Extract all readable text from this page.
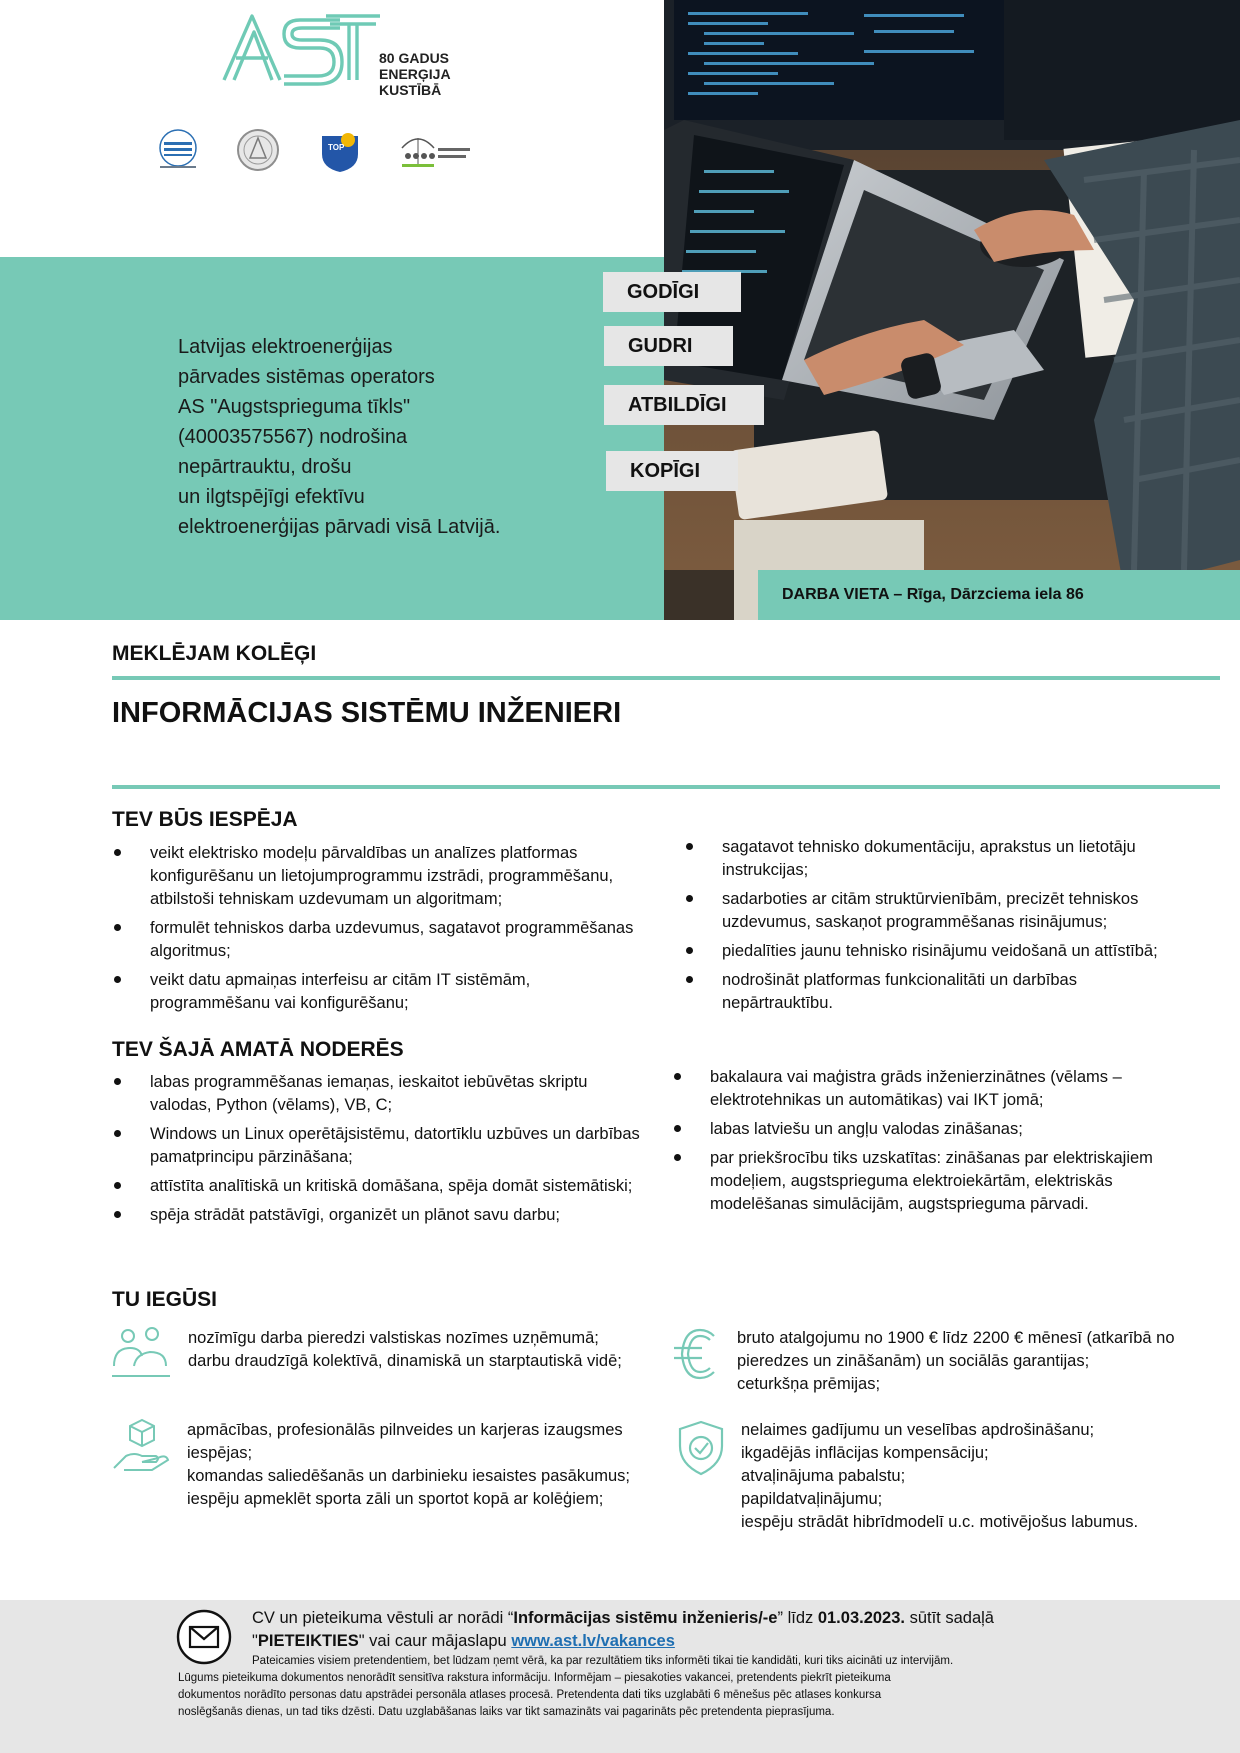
80 GADUS
ENERĢIJA
KUSTĪBĀ
TOP
Latvijas elektroenerģijas
pārvades sistēmas operators
AS "Augstsprieguma tīkls"
(40003575567) nodrošina
nepārtrauktu, drošu
un ilgtspējīgi efektīvu
elektroenerģijas pārvadi visā Latvijā.
GODĪGI
GUDRI
ATBILDĪGI
KOPĪGI
DARBA VIETA – Rīga, Dārzciema iela 86
MEKLĒJAM KOLĒĢI
INFORMĀCIJAS SISTĒMU INŽENIERI
TEV BŪS IESPĒJA
veikt elektrisko modeļu pārvaldības un analīzes platformas
konfigurēšanu un lietojumprogrammu izstrādi, programmēšanu,
atbilstoši tehniskam uzdevumam un algoritmam;
formulēt tehniskos darba uzdevumus, sagatavot programmēšanas
algoritmus;
veikt datu apmaiņas interfeisu ar citām IT sistēmām,
programmēšanu vai konfigurēšanu;
sagatavot tehnisko dokumentāciju, aprakstus un lietotāju
instrukcijas;
sadarboties ar citām struktūrvienībām, precizēt tehniskos
uzdevumus, saskaņot programmēšanas risinājumus;
piedalīties jaunu tehnisko risinājumu veidošanā un attīstībā;
nodrošināt platformas funkcionalitāti un darbības
nepārtrauktību.
TEV ŠAJĀ AMATĀ NODERĒS
labas programmēšanas iemaņas, ieskaitot iebūvētas skriptu
valodas, Python (vēlams), VB, C;
Windows un Linux operētājsistēmu, datortīklu uzbūves un darbības
pamatprincipu pārzināšana;
attīstīta analītiskā un kritiskā domāšana, spēja domāt sistemātiski;
spēja strādāt patstāvīgi, organizēt un plānot savu darbu;
bakalaura vai maģistra grāds inženierzinātnes (vēlams –
elektrotehnikas un automātikas) vai IKT jomā;
labas latviešu un angļu valodas zināšanas;
par priekšrocību tiks uzskatītas: zināšanas par elektriskajiem
modeļiem, augstsprieguma elektroiekārtām, elektriskās
modelēšanas simulācijām, augstsprieguma pārvadi.
TU IEGŪSI
nozīmīgu darba pieredzi valstiskas nozīmes uzņēmumā;
darbu draudzīgā kolektīvā, dinamiskā un starptautiskā vidē;
bruto atalgojumu no 1900 € līdz 2200 € mēnesī (atkarībā no
pieredzes un zināšanām) un sociālās garantijas;
ceturkšņa prēmijas;
apmācības, profesionālās pilnveides un karjeras izaugsmes
iespējas;
komandas saliedēšanās un darbinieku iesaistes pasākumus;
iespēju apmeklēt sporta zāli un sportot kopā ar kolēģiem;
nelaimes gadījumu un veselības apdrošināšanu;
ikgadējās inflācijas kompensāciju;
atvaļinājuma pabalstu;
papildatvaļinājumu;
iespēju strādāt hibrīdmodelī u.c. motivējošus labumus.
CV un pieteikuma vēstuli ar norādi “Informācijas sistēmu inženieris/-e” līdz 01.03.2023. sūtīt sadaļā
"PIETEIKTIES" vai caur mājaslapu www.ast.lv/vakances
Pateicamies visiem pretendentiem, bet lūdzam ņemt vērā, ka par rezultātiem tiks informēti tikai tie kandidāti, kuri tiks aicināti uz intervijām.
Lūgums pieteikuma dokumentos nenorādīt sensitīva rakstura informāciju. Informējam – piesakoties vakancei, pretendents piekrīt pieteikuma
dokumentos norādīto personas datu apstrādei personāla atlases procesā. Pretendenta dati tiks uzglabāti 6 mēnešus pēc atlases konkursa
noslēgšanās dienas, un tad tiks dzēsti. Datu uzglabāšanas laiks var tikt samazināts vai pagarināts pēc pretendenta pieprasījuma.
